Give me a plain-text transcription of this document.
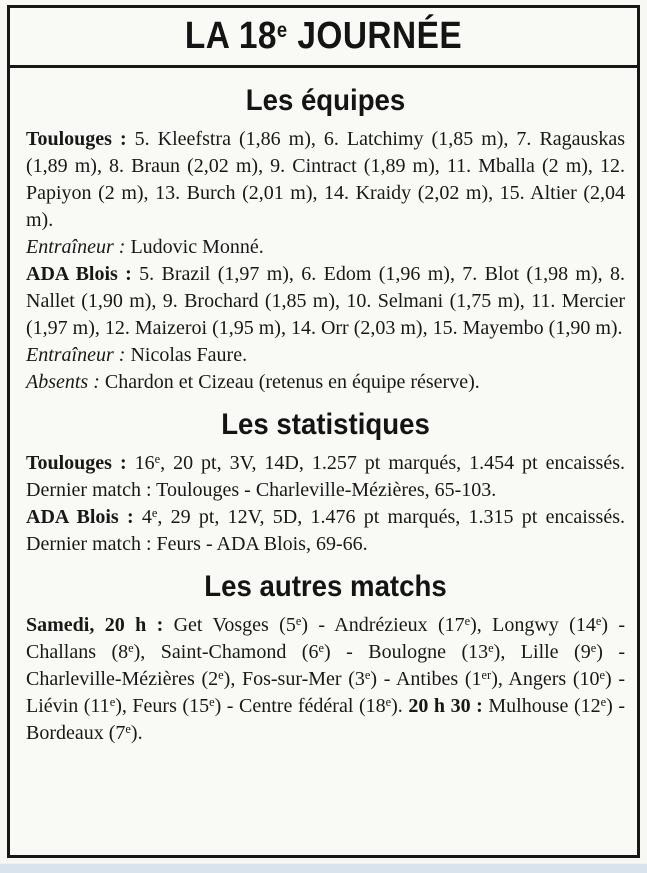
LA 18e JOURNÉE
Les équipes

Toulouges : 5. Kleefstra (1,86 m), 6. Latchimy (1,85 m), 7. Ragauskas (1,89 m), 8. Braun (2,02 m), 9. Cintract (1,89 m), 11. Mballa (2 m), 12. Papiyon (2 m), 13. Burch (2,01 m), 14. Kraidy (2,02 m), 15. Altier (2,04 m).

Entraîneur : Ludovic Monné.

ADA Blois : 5. Brazil (1,97 m), 6. Edom (1,96 m), 7. Blot (1,98 m), 8. Nallet (1,90 m), 9. Brochard (1,85 m), 10. Selmani (1,75 m), 11. Mercier (1,97 m), 12. Maizeroi (1,95 m), 14. Orr (2,03 m), 15. Mayembo (1,90 m).

Entraîneur : Nicolas Faure.

Absents : Chardon et Cizeau (retenus en équipe réserve).

Les statistiques

Toulouges : 16e, 20 pt, 3V, 14D, 1.257 pt marqués, 1.454 pt encaissés. Dernier match : Toulouges - Charleville-Mézières, 65-103.

ADA Blois : 4e, 29 pt, 12V, 5D, 1.476 pt marqués, 1.315 pt encaissés. Dernier match : Feurs - ADA Blois, 69-66.

Les autres matchs

Samedi, 20 h : Get Vosges (5e) - Andrézieux (17e), Longwy (14e) - Challans (8e), Saint-Chamond (6e) - Boulogne (13e), Lille (9e) - Charleville-Mézières (2e), Fos-sur-Mer (3e) - Antibes (1er), Angers (10e) - Liévin (11e), Feurs (15e) - Centre fédéral (18e). 20 h 30 : Mulhouse (12e) - Bordeaux (7e).
